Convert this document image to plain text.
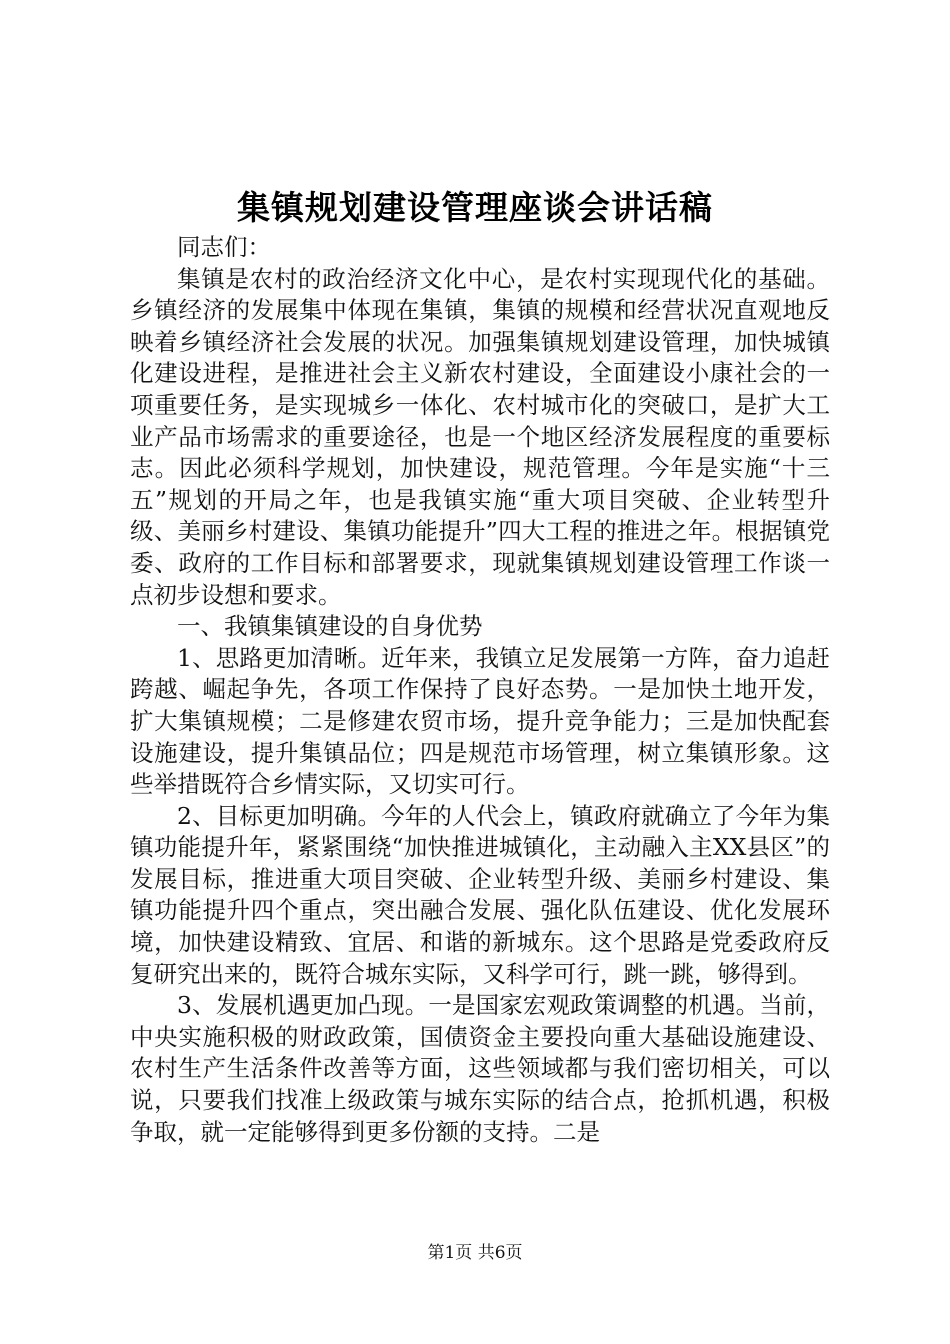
集镇规划建设管理座谈会讲话稿

同志们：

集镇是农村的政治经济文化中心，是农村实现现代化的基础。乡镇经济的发展集中体现在集镇，集镇的规模和经营状况直观地反映着乡镇经济社会发展的状况。加强集镇规划建设管理，加快城镇化建设进程，是推进社会主义新农村建设，全面建设小康社会的一项重要任务，是实现城乡一体化、农村城市化的突破口，是扩大工业产品市场需求的重要途径，也是一个地区经济发展程度的重要标志。因此必须科学规划，加快建设，规范管理。今年是实施“十三五”规划的开局之年，也是我镇实施“重大项目突破、企业转型升级、美丽乡村建设、集镇功能提升”四大工程的推进之年。根据镇党委、政府的工作目标和部署要求，现就集镇规划建设管理工作谈一点初步设想和要求。

一、我镇集镇建设的自身优势

1、思路更加清晰。近年来，我镇立足发展第一方阵，奋力追赶跨越、崛起争先，各项工作保持了良好态势。一是加快土地开发，扩大集镇规模；二是修建农贸市场，提升竞争能力；三是加快配套设施建设，提升集镇品位；四是规范市场管理，树立集镇形象。这些举措既符合乡情实际，又切实可行。

2、目标更加明确。今年的人代会上，镇政府就确立了今年为集镇功能提升年，紧紧围绕“加快推进城镇化，主动融入主XX县区”的发展目标，推进重大项目突破、企业转型升级、美丽乡村建设、集镇功能提升四个重点，突出融合发展、强化队伍建设、优化发展环境，加快建设精致、宜居、和谐的新城东。这个思路是党委政府反复研究出来的，既符合城东实际，又科学可行，跳一跳，够得到。

3、发展机遇更加凸现。一是国家宏观政策调整的机遇。当前，中央实施积极的财政政策，国债资金主要投向重大基础设施建设、农村生产生活条件改善等方面，这些领域都与我们密切相关，可以说，只要我们找准上级政策与城东实际的结合点，抢抓机遇，积极争取，就一定能够得到更多份额的支持。二是

第1页 共6页
